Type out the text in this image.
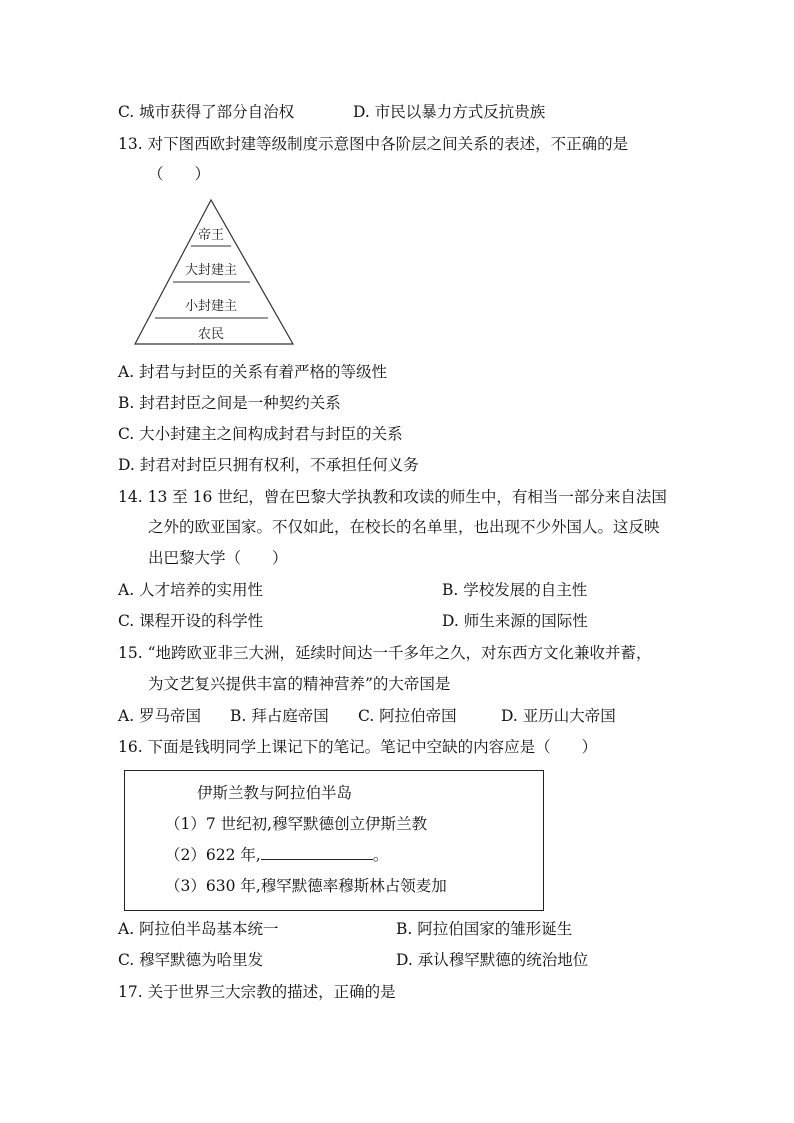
C. 城市获得了部分自治权	D. 市民以暴力方式反抗贵族
13. 对下图西欧封建等级制度示意图中各阶层之间关系的表述，不正确的是
（　　）
帝王
大封建主
小封建主
农民
A. 封君与封臣的关系有着严格的等级性
B. 封君封臣之间是一种契约关系
C. 大小封建主之间构成封君与封臣的关系
D. 封君对封臣只拥有权利，不承担任何义务
14. 13 至 16 世纪，曾在巴黎大学执教和攻读的师生中，有相当一部分来自法国
之外的欧亚国家。不仅如此，在校长的名单里，也出现不少外国人。这反映
出巴黎大学（　　）
A. 人才培养的实用性	B. 学校发展的自主性
C. 课程开设的科学性	D. 师生来源的国际性
15. “地跨欧亚非三大洲，延续时间达一千多年之久，对东西方文化兼收并蓄，
为文艺复兴提供丰富的精神营养”的大帝国是
A. 罗马帝国 B. 拜占庭帝国 C. 阿拉伯帝国	D. 亚历山大帝国
16. 下面是钱明同学上课记下的笔记。笔记中空缺的内容应是（　　）
伊斯兰教与阿拉伯半岛
（1）7 世纪初,穆罕默德创立伊斯兰教
（2）622 年,	。
（3）630 年,穆罕默德率穆斯林占领麦加
A. 阿拉伯半岛基本统一	B. 阿拉伯国家的雏形诞生
C. 穆罕默德为哈里发	D. 承认穆罕默德的统治地位
17. 关于世界三大宗教的描述，正确的是
